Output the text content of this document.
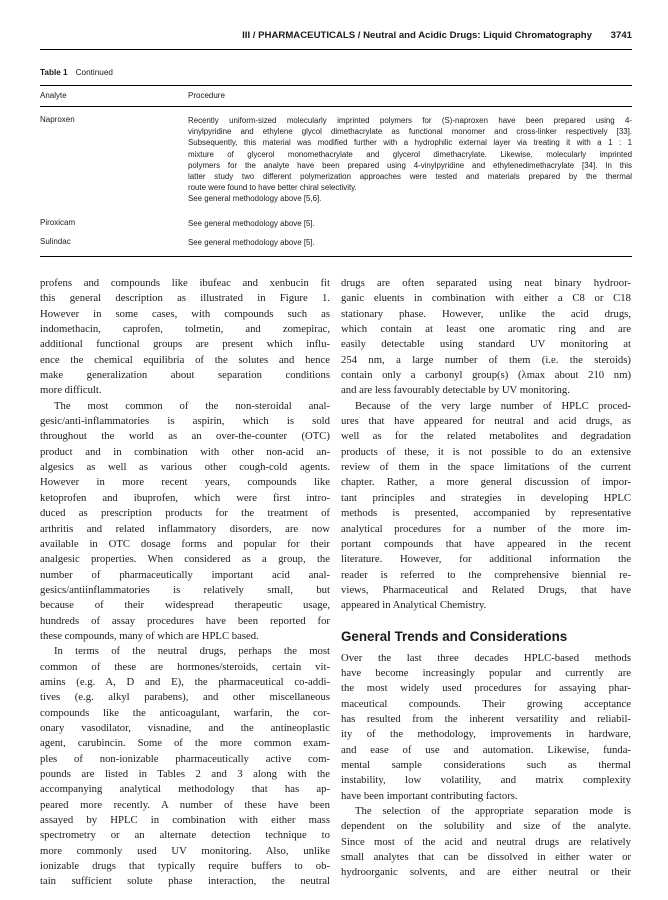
III / PHARMACEUTICALS / Neutral and Acidic Drugs: Liquid Chromatography 3741
Table 1 Continued
Analyte	Procedure
Naproxen	Recently uniform-sized molecularly imprinted polymers for (S)-naproxen have been prepared using 4-
vinylpyridine and ethylene glycol dimethacrylate as functional monomer and cross-linker respectively [33].
Subsequently, this material was modified further with a hydrophilic external layer via treating it with a 1 : 1
mixture of glycerol monomethacrylate and glycerol dimethacrylate. Likewise, molecularly imprinted
polymers for the analyte have been prepared using 4-vinylpyridine and ethylenedimethacrylate [34]. In this
latter study two different polymerization approaches were tested and materials prepared by the thermal
route were found to have better chiral selectivity.
See general methodology above [5,6].
Piroxicam	See general methodology above [5].
Sulindac	See general methodology above [5].
profens and compounds like ibufeac and xenbucin fit
this general description as illustrated in Figure 1.
However in some cases, with compounds such as
indomethacin, caprofen, tolmetin, and zomepirac,
additional functional groups are present which influ-
ence the chemical equilibria of the solutes and hence
make generalization about separation conditions
more difficult.
The most common of the non-steroidal anal-
gesic/anti-inflammatories is aspirin, which is sold
throughout the world as an over-the-counter (OTC)
product and in combination with other non-acid an-
algesics as well as various other cough-cold agents.
However in more recent years, compounds like
ketoprofen and ibuprofen, which were first intro-
duced as prescription products for the treatment of
arthritis and related inflammatory disorders, are now
available in OTC dosage forms and popular for their
analgesic properties. When considered as a group, the
number of pharmaceutically important acid anal-
gesics/antiinflammatories is relatively small, but
because of their widespread therapeutic usage,
hundreds of assay procedures have been reported for
these compounds, many of which are HPLC based.
In terms of the neutral drugs, perhaps the most
common of these are hormones/steroids, certain vit-
amins (e.g. A, D and E), the pharmaceutical co-addi-
tives (e.g. alkyl parabens), and other miscellaneous
compounds like the anticoagulant, warfarin, the cor-
onary vasodilator, visnadine, and the antineoplastic
agent, carubincin. Some of the more common exam-
ples of non-ionizable pharmaceutically active com-
pounds are listed in Tables 2 and 3 along with the
accompanying analytical methodology that has ap-
peared more recently. A number of these have been
assayed by HPLC in combination with either mass
spectrometry or an alternate detection technique to
more commonly used UV monitoring. Also, unlike
ionizable drugs that typically require buffers to ob-
tain sufficient solute phase interaction, the neutral
drugs are often separated using neat binary hydroor-
ganic eluents in combination with either a C8 or C18
stationary phase. However, unlike the acid drugs,
which contain at least one aromatic ring and are
easily detectable using standard UV monitoring at
254 nm, a large number of them (i.e. the steroids)
contain only a carbonyl group(s) (λmax about 210 nm)
and are less favourably detectable by UV monitoring.
Because of the very large number of HPLC proced-
ures that have appeared for neutral and acid drugs, as
well as for the related metabolites and degradation
products of these, it is not possible to do an extensive
review of them in the space limitations of the current
chapter. Rather, a more general discussion of impor-
tant principles and strategies in developing HPLC
methods is presented, accompanied by representative
analytical procedures for a number of the more im-
portant compounds that have appeared in the recent
literature. However, for additional information the
reader is referred to the comprehensive biennial re-
views, Pharmaceutical and Related Drugs, that have
appeared in Analytical Chemistry.
General Trends and Considerations
Over the last three decades HPLC-based methods
have become increasingly popular and currently are
the most widely used procedures for assaying phar-
maceutical compounds. Their growing acceptance
has resulted from the inherent versatility and reliabil-
ity of the methodology, improvements in hardware,
and ease of use and automation. Likewise, funda-
mental sample considerations such as thermal
instability, low volatility, and matrix complexity
have been important contributing factors.
The selection of the appropriate separation mode is
dependent on the solubility and size of the analyte.
Since most of the acid and neutral drugs are relatively
small analytes that can be dissolved in either water or
hydroorganic solvents, and are either neutral or their
